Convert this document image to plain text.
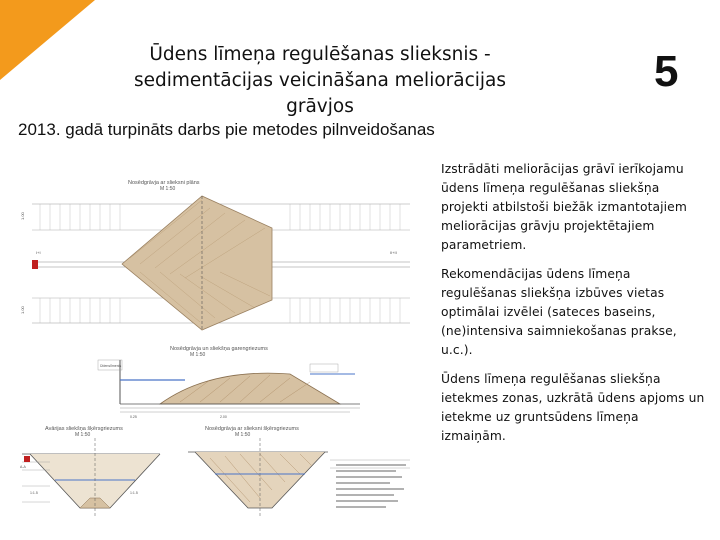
Ūdens līmeņa regulēšanas slieksnis -
sedimentācijas veicināšana meliorācijas grāvjos
5
2013. gadā turpināts darbs pie metodes pilnveidošanas
Nosēdgrāvja ar slieksni plāns
M 1:50
I+I	II+II
1.00
1.00
Nosēdgrāvja un sliekšņa garengriezums
M 1:50
Ūdenslīmenis
0.25	2.00
Avārijas sliekšņa šķērsgriezums
M 1:50
A-A
1:1.5	1:1.5
Nosēdgrāvja ar slieksni šķērsgriezums
M 1:50

Izstrādāti meliorācijas grāvī ierīkojamu ūdens līmeņa regulēšanas sliekšņa projekti atbilstoši biežāk izmantotajiem meliorācijas grāvju projektētajiem parametriem.

Rekomendācijas ūdens līmeņa regulēšanas sliekšņa izbūves vietas optimālai izvēlei (sateces baseins, (ne)intensiva saimniekošanas prakse, u.c.).

Ūdens līmeņa regulēšanas sliekšņa ietekmes zonas, uzkrātā ūdens apjoms un ietekme uz gruntsūdens līmeņa izmaiņām.
